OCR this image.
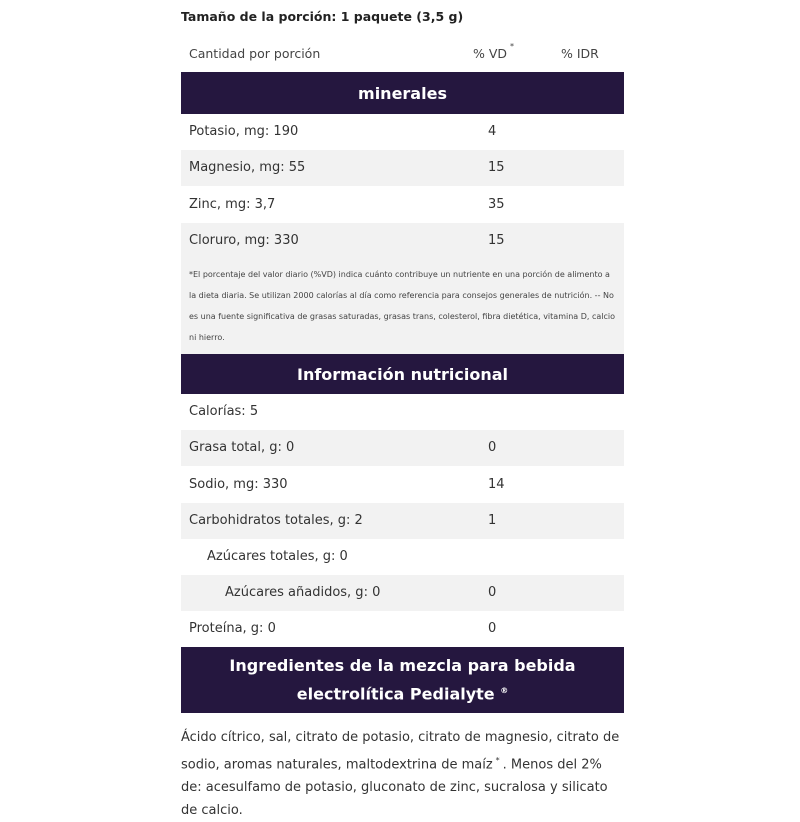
Tamaño de la porción: 1 paquete (3,5 g)
Cantidad por porción	% VD *	% IDR
minerales
Potasio, mg: 190	4
Magnesio, mg: 55	15
Zinc, mg: 3,7	35
Cloruro, mg: 330	15
*El porcentaje del valor diario (%VD) indica cuánto contribuye un nutriente en una porción de alimento a la dieta diaria. Se utilizan 2000 calorías al día como referencia para consejos generales de nutrición. -- No es una fuente significativa de grasas saturadas, grasas trans, colesterol, fibra dietética, vitamina D, calcio ni hierro.
Información nutricional
Calorías: 5
Grasa total, g: 0	0
Sodio, mg: 330	14
Carbohidratos totales, g: 2	1
Azúcares totales, g: 0
Azúcares añadidos, g: 0	0
Proteína, g: 0	0
Ingredientes de la mezcla para bebida
electrolítica Pedialyte ®
Ácido cítrico, sal, citrato de potasio, citrato de magnesio, citrato de sodio, aromas naturales, maltodextrina de maíz * . Menos del 2% de: acesulfamo de potasio, gluconato de zinc, sucralosa y silicato de calcio.
